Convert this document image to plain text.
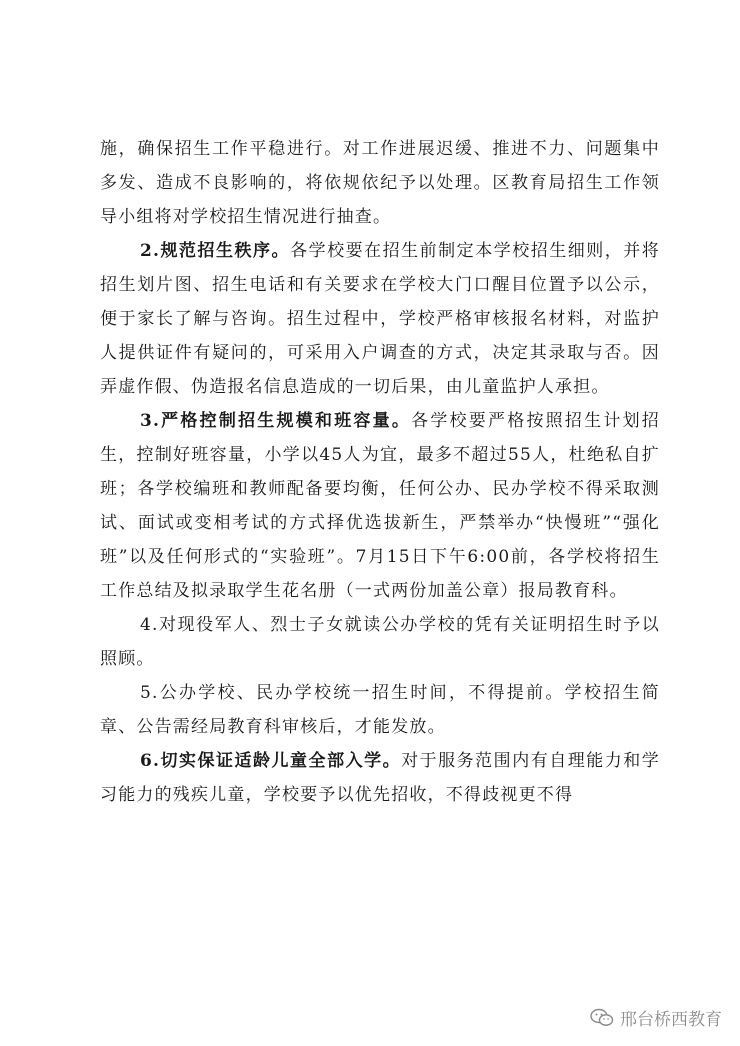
施，确保招生工作平稳进行。对工作进展迟缓、推进不力、问题集中多发、造成不良影响的，将依规依纪予以处理。区教育局招生工作领导小组将对学校招生情况进行抽查。

2.规范招生秩序。各学校要在招生前制定本学校招生细则，并将招生划片图、招生电话和有关要求在学校大门口醒目位置予以公示，便于家长了解与咨询。招生过程中，学校严格审核报名材料，对监护人提供证件有疑问的，可采用入户调查的方式，决定其录取与否。因弄虚作假、伪造报名信息造成的一切后果，由儿童监护人承担。

3.严格控制招生规模和班容量。各学校要严格按照招生计划招生，控制好班容量，小学以45人为宜，最多不超过55人，杜绝私自扩班；各学校编班和教师配备要均衡，任何公办、民办学校不得采取测试、面试或变相考试的方式择优选拔新生，严禁举办“快慢班”“强化班”以及任何形式的“实验班”。7月15日下午6:00前，各学校将招生工作总结及拟录取学生花名册（一式两份加盖公章）报局教育科。

4.对现役军人、烈士子女就读公办学校的凭有关证明招生时予以照顾。

5.公办学校、民办学校统一招生时间，不得提前。学校招生简章、公告需经局教育科审核后，才能发放。

6.切实保证适龄儿童全部入学。对于服务范围内有自理能力和学习能力的残疾儿童，学校要予以优先招收，不得歧视更不得

邢台桥西教育
